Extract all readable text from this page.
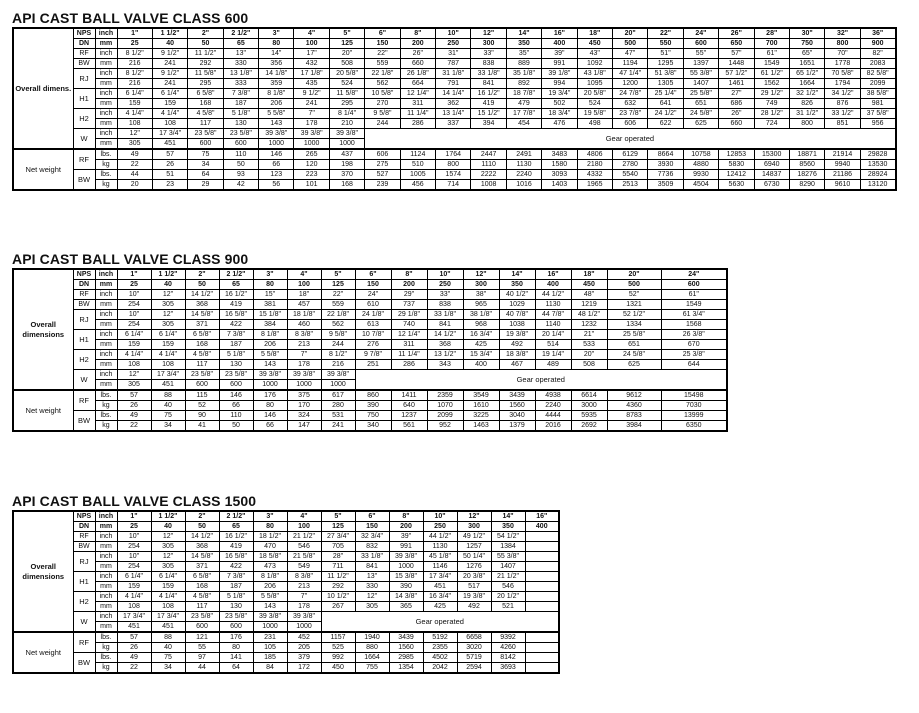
API CAST BALL VALVE CLASS 600
Overall dimens.	NPS	inch	1"	1 1/2"	2"	2 1/2"	3"	4"	5"	6"	8"	10"	12"	14"	16"	18"	20"	22"	24"	26"	28"	30"	32"	36"
	DN	mm	25	40	50	65	80	100	125	150	200	250	300	350	400	450	500	550	600	650	700	750	800	900
	RF	inch	8 1/2"	9 1/2"	11 1/2"	13"	14"	17"	20"	22"	26"	31"	33"	35"	39"	43"	47"	51"	55"	57"	61"	65"	70"	82"
	BW	mm	216	241	292	330	356	432	508	559	660	787	838	889	991	1092	1194	1295	1397	1448	1549	1651	1778	2083
	RJ	inch	8 1/2"	9 1/2"	11 5/8"	13 1/8"	14 1/8"	17 1/8"	20 5/8"	22 1/8"	26 1/8"	31 1/8"	33 1/8"	35 1/8"	39 1/8"	43 1/8"	47 1/4"	51 3/8"	55 3/8"	57 1/2"	61 1/2"	65 1/2"	70 5/8"	82 5/8"
		mm	216	241	295	333	359	435	524	562	664	791	841	892	994	1095	1200	1305	1407	1461	1562	1664	1794	2099
	H1	inch	6 1/4"	6 1/4"	6 5/8"	7 3/8"	8 1/8"	9 1/2"	11 5/8"	10 5/8"	12 1/4"	14 1/4"	16 1/2"	18 7/8"	19 3/4"	20 5/8"	24 7/8"	25 1/4"	25 5/8"	27"	29 1/2"	32 1/2"	34 1/2"	38 5/8"
		mm	159	159	168	187	206	241	295	270	311	362	419	479	502	524	632	641	651	686	749	826	876	981
	H2	inch	4 1/4"	4 1/4"	4 5/8"	5 1/8"	5 5/8"	7"	8 1/4"	9 5/8"	11 1/4"	13 1/4"	15 1/2"	17 7/8"	18 3/4"	19 5/8"	23 7/8"	24 1/2"	24 5/8"	26"	28 1/2"	31 1/2"	33 1/2"	37 5/8"
		mm	108	108	117	130	143	178	210	244	286	337	394	454	476	498	606	622	625	660	724	800	851	956
	W	inch	12"	17 3/4"	23 5/8"	23 5/8"	39 3/8"	39 3/8"	39 3/8"	Gear operated														
		mm	305	451	600	600	1000	1000	1000															
Net weight	RF	lbs.	49	57	75	110	146	265	437	606	1124	1764	2447	2491	3483	4806	6129	8664	10758	12853	15300	18871	21914	29828
		kg	22	26	34	50	66	120	198	275	510	800	1110	1130	1580	2180	2780	3930	4880	5830	6940	8560	9940	13530
	BW	lbs.	44	51	64	93	123	223	370	527	1005	1574	2222	2240	3093	4332	5540	7736	9930	12412	14837	18276	21186	28924
		kg	20	23	29	42	56	101	168	239	456	714	1008	1016	1403	1965	2513	3509	4504	5630	6730	8290	9610	13120
API CAST BALL VALVE CLASS 900
Overall dimensions	NPS	inch	1"	1 1/2"	2"	2 1/2"	3"	4"	5"	6"	8"	10"	12"	14"	16"	18"	20"	24"
	DN	mm	25	40	50	65	80	100	125	150	200	250	300	350	400	450	500	600
	RF	inch	10"	12"	14 1/2"	16 1/2"	15"	18"	22"	24"	29"	33"	38"	40 1/2"	44 1/2"	48"	52"	61"
	BW	mm	254	305	368	419	381	457	559	610	737	838	965	1029	1130	1219	1321	1549
	RJ	inch	10"	12"	14 5/8"	16 5/8"	15 1/8"	18 1/8"	22 1/8"	24 1/8"	29 1/8"	33 1/8"	38 1/8"	40 7/8"	44 7/8"	48 1/2"	52 1/2"	61 3/4"
		mm	254	305	371	422	384	460	562	613	740	841	968	1038	1140	1232	1334	1568
	H1	inch	6 1/4"	6 1/4"	6 5/8"	7 3/8"	8 1/8"	8 3/8"	9 5/8"	10 7/8"	12 1/4"	14 1/2"	16 3/4"	19 3/8"	20 1/4"	21"	25 5/8"	26 3/8"
		mm	159	159	168	187	206	213	244	276	311	368	425	492	514	533	651	670
	H2	inch	4 1/4"	4 1/4"	4 5/8"	5 1/8"	5 5/8"	7"	8 1/2"	9 7/8"	11 1/4"	13 1/2"	15 3/4"	18 3/8"	19 1/4"	20"	24 5/8"	25 3/8"
		mm	108	108	117	130	143	178	216	251	286	343	400	467	489	508	625	644
	W	inch	12"	17 3/4"	23 5/8"	23 5/8"	39 3/8"	39 3/8"	39 3/8"	Gear operated								
		mm	305	451	600	600	1000	1000	1000									
Net weight	RF	lbs.	57	88	115	146	176	375	617	860	1411	2359	3549	3439	4938	6614	9612	15498
		kg	26	40	52	66	80	170	280	390	640	1070	1610	1560	2240	3000	4360	7030
	BW	lbs.	49	75	90	110	146	324	531	750	1237	2099	3225	3040	4444	5935	8783	13999
		kg	22	34	41	50	66	147	241	340	561	952	1463	1379	2016	2692	3984	6350
API CAST BALL VALVE CLASS 1500
Overall dimensions	NPS	inch	1"	1 1/2"	2"	2 1/2"	3"	4"	5"	6"	8"	10"	12"	14"	16"
	DN	mm	25	40	50	65	80	100	125	150	200	250	300	350	400
	RF	inch	10"	12"	14 1/2"	16 1/2"	18 1/2"	21 1/2"	27 3/4"	32 3/4"	39"	44 1/2"	49 1/2"	54 1/2"	
	BW	mm	254	305	368	419	470	546	705	832	991	1130	1257	1384	
	RJ	inch	10"	12"	14 5/8"	16 5/8"	18 5/8"	21 5/8"	28"	33 1/8"	39 3/8"	45 1/8"	50 1/4"	55 3/8"	
		mm	254	305	371	422	473	549	711	841	1000	1146	1276	1407	
	H1	inch	6 1/4"	6 1/4"	6 5/8"	7 3/8"	8 1/8"	8 3/8"	11 1/2"	13"	15 3/8"	17 3/4"	20 3/8"	21 1/2"	
		mm	159	159	168	187	206	213	292	330	390	451	517	546	
	H2	inch	4 1/4"	4 1/4"	4 5/8"	5 1/8"	5 5/8"	7"	10 1/2"	12"	14 3/8"	16 3/4"	19 3/8"	20 1/2"	
		mm	108	108	117	130	143	178	267	305	365	425	492	521	
	W	inch	17 3/4"	17 3/4"	23 5/8"	23 5/8"	39 3/8"	39 3/8"	Gear operated						
		mm	451	451	600	600	1000	1000							
Net weight	RF	lbs.	57	88	121	176	231	452	1157	1940	3439	5192	6658	9392	
		kg	26	40	55	80	105	205	525	880	1560	2355	3020	4260	
	BW	lbs.	49	75	97	141	185	379	992	1664	2985	4502	5719	8142	
		kg	22	34	44	64	84	172	450	755	1354	2042	2594	3693	
